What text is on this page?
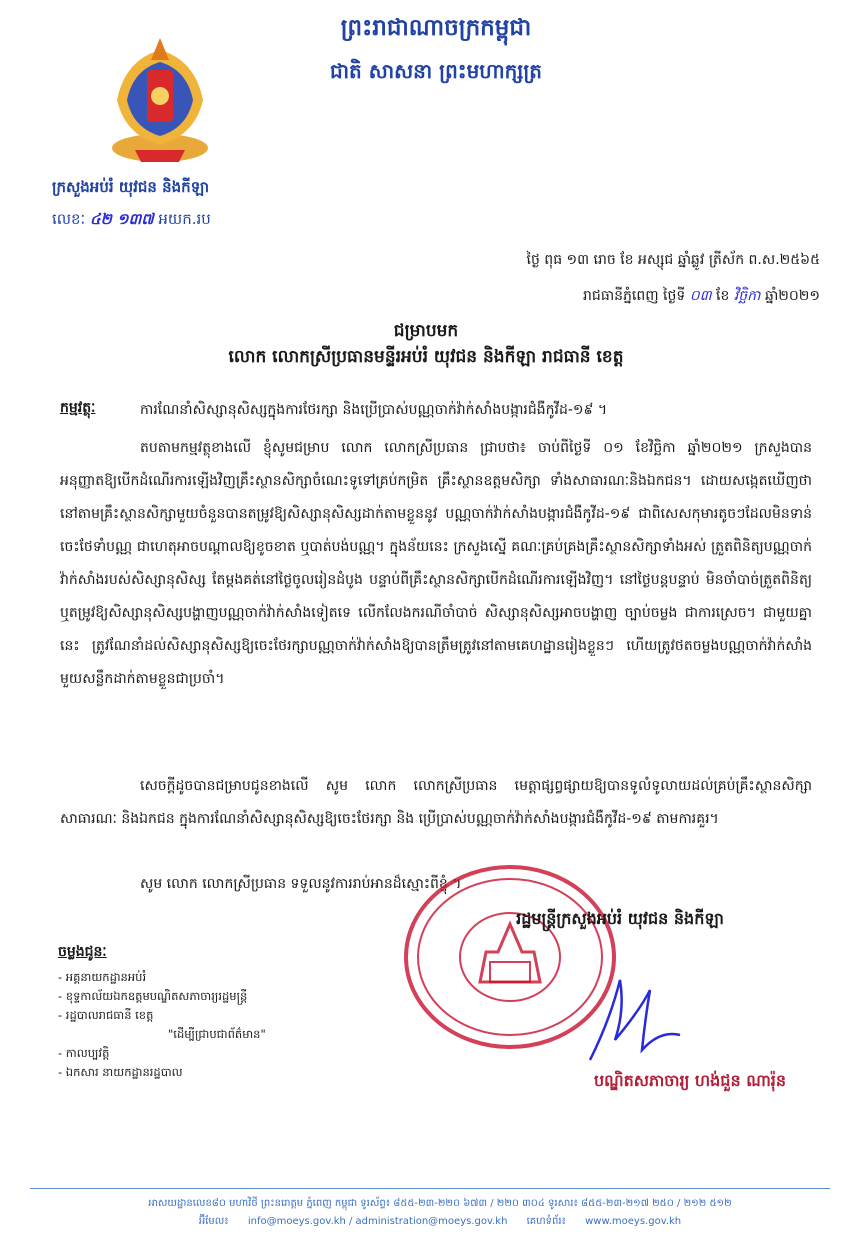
ព្រះរាជាណាចក្រកម្ពុជា
ជាតិ សាសនា ព្រះមហាក្សត្រ
ក្រសួងអប់រំ យុវជន និងកីឡា
លេខៈ ៤២ ១៣៧ អយក.រប
ថ្ងៃ ពុធ ១៣ រោច ខែ អស្សុជ ឆ្នាំឆ្លូវ ត្រីស័ក ព.ស.២៥៦៥
រាជធានីភ្នំពេញ ថ្ងៃទី ០៣ ខែ វិច្ឆិកា ឆ្នាំ២០២១
ជម្រាបមក
លោក លោកស្រីប្រធានមន្ទីរអប់រំ យុវជន និងកីឡា រាជធានី ខេត្ត
កម្មវត្ថុៈ	ការណែនាំសិស្សានុសិស្សក្នុងការថែរក្សា និងប្រើប្រាស់បណ្ណចាក់វ៉ាក់សាំងបង្ការជំងឺកូវីដ-១៩ ។
តបតាមកម្មវត្ថុខាងលើ ខ្ញុំសូមជម្រាប លោក លោកស្រីប្រធាន ជ្រាបថា៖ ចាប់ពីថ្ងៃទី ០១ ខែវិច្ឆិកា ឆ្នាំ២០២១ ក្រសួងបានអនុញ្ញាតឱ្យបើកដំណើរការឡើងវិញគ្រឹះស្ថានសិក្សាចំណេះទូទៅគ្រប់កម្រិត គ្រឹះស្ថានឧត្តមសិក្សា ទាំងសាធារណៈនិងឯកជន។ ដោយសង្កេតឃើញថា នៅតាមគ្រឹះស្ថានសិក្សាមួយចំនួនបានតម្រូវឱ្យសិស្សានុសិស្សដាក់តាមខ្លួននូវ បណ្ណចាក់វ៉ាក់សាំងបង្ការជំងឺកូវីដ-១៩ ជាពិសេសកុមារតូចៗដែលមិនទាន់ចេះថែទាំបណ្ណ ជាហេតុអាចបណ្ដាលឱ្យខូចខាត ឬបាត់បង់បណ្ណ។ ក្នុងន័យនេះ ក្រសួងស្នើ គណៈគ្រប់គ្រងគ្រឹះស្ថានសិក្សាទាំងអស់ ត្រួតពិនិត្យបណ្ណចាក់វ៉ាក់សាំងរបស់សិស្សានុសិស្ស តែម្ដងគត់នៅថ្ងៃចូលរៀនដំបូង បន្ទាប់ពីគ្រឹះស្ថានសិក្សាបើកដំណើរការឡើងវិញ។ នៅថ្ងៃបន្តបន្ទាប់ មិនចាំបាច់ត្រួតពិនិត្យ ឬតម្រូវឱ្យសិស្សានុសិស្សបង្ហាញបណ្ណចាក់វ៉ាក់សាំងទៀតទេ លើកលែងករណីចាំបាច់ សិស្សានុសិស្សអាចបង្ហាញ ច្បាប់ចម្លង ជាការស្រេច។ ជាមួយគ្នានេះ ត្រូវណែនាំដល់សិស្សានុសិស្សឱ្យចេះថែរក្សាបណ្ណចាក់វ៉ាក់សាំងឱ្យបានត្រឹមត្រូវនៅតាមគេហដ្ឋានរៀងខ្លួនៗ ហើយត្រូវថតចម្លងបណ្ណចាក់វ៉ាក់សាំងមួយសន្លឹកដាក់តាមខ្លួនជាប្រចាំ។
សេចក្ដីដូចបានជម្រាបជូនខាងលើ សូម លោក លោកស្រីប្រធាន មេត្តាផ្សព្វផ្សាយឱ្យបានទូលំទូលាយដល់គ្រប់គ្រឹះស្ថានសិក្សាសាធារណៈ និងឯកជន ក្នុងការណែនាំសិស្សានុសិស្សឱ្យចេះថែរក្សា និង ប្រើប្រាស់បណ្ណចាក់វ៉ាក់សាំងបង្ការជំងឺកូវីដ-១៩ តាមការគួរ។
សូម លោក លោកស្រីប្រធាន ទទួលនូវការរាប់អានដ៏ស្មោះពីខ្ញុំ ។
រដ្ឋមន្ត្រីក្រសួងអប់រំ យុវជន និងកីឡា
បណ្ឌិតសភាចារ្យ ហង់ជួន ណារ៉ុន
ចម្លងជូនៈ
- អគ្គនាយកដ្ឋានអប់រំ
- ខុទ្ទកាល័យឯកឧត្តមបណ្ឌិតសភាចារ្យរដ្ឋមន្ត្រី
- រដ្ឋបាលរាជធានី ខេត្ត
"ដើម្បីជ្រាបជាព័ត៌មាន"
- កាលប្បវត្តិ
- ឯកសារ នាយកដ្ឋានរដ្ឋបាល
អាសយដ្ឋានលេខ៨០ មហាវិថី ព្រះនរោត្តម ភ្នំពេញ កម្ពុជា ទូរស័ព្ទ៖ ៨៥៥-២៣-២២០ ៦៧៣ / ២២០ ៣០៤ ទូរសារ៖ ៨៥៥-២៣-២១៧ ២៥០ / ២១២ ៥១២
អ៊ីមែល៖ info@moeys.gov.kh / administration@moeys.gov.kh គេហទំព័រ៖ www.moeys.gov.kh
